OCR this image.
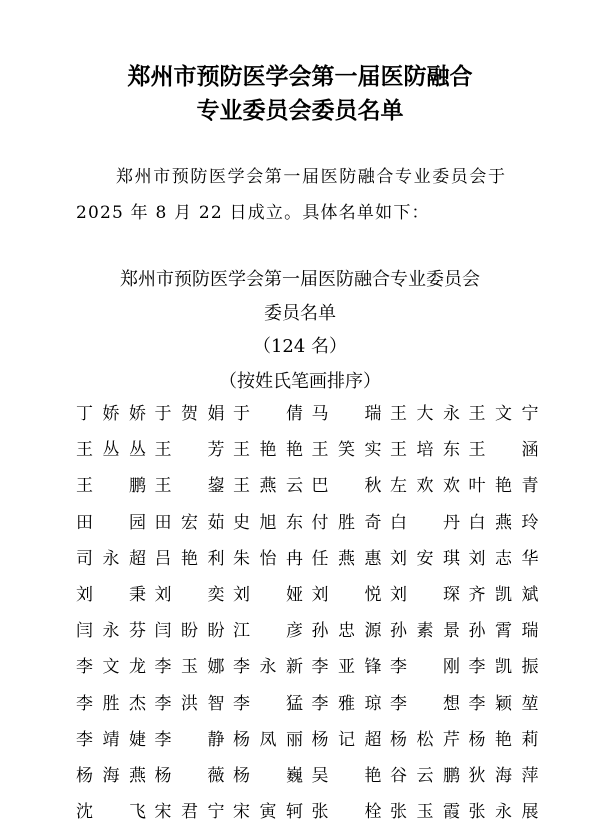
郑州市预防医学会第一届医防融合
专业委员会委员名单
郑州市预防医学会第一届医防融合专业委员会于
2025 年 8 月 22 日成立。具体名单如下：
郑州市预防医学会第一届医防融合专业委员会
委员名单
（124 名）
（按姓氏笔画排序）
丁 娇 娇 于 贺 娟 于 倩 马 瑞 王 大 永 王 文 宁
王 丛 丛 王 芳 王 艳 艳 王 笑 实 王 培 东 王 涵
王 鹏 王 鋆 王 燕 云 巴 秋 左 欢 欢 叶 艳 青
田 园 田 宏 茹 史 旭 东 付 胜 奇 白 丹 白 燕 玲
司 永 超 吕 艳 利 朱 怡 冉 任 燕 惠 刘 安 琪 刘 志 华
刘 秉 刘 奕 刘 娅 刘 悦 刘 琛 齐 凯 斌
闫 永 芬 闫 盼 盼 江 彦 孙 忠 源 孙 素 景 孙 霄 瑞
李 文 龙 李 玉 娜 李 永 新 李 亚 锋 李 刚 李 凯 振
李 胜 杰 李 洪 智 李 猛 李 雅 琼 李 想 李 颖 堃
李 靖 婕 李 静 杨 凤 丽 杨 记 超 杨 松 芹 杨 艳 莉
杨 海 燕 杨 薇 杨 巍 吴 艳 谷 云 鹏 狄 海 萍
沈 飞 宋 君 宁 宋 寅 轲 张 栓 张 玉 霞 张 永 展
